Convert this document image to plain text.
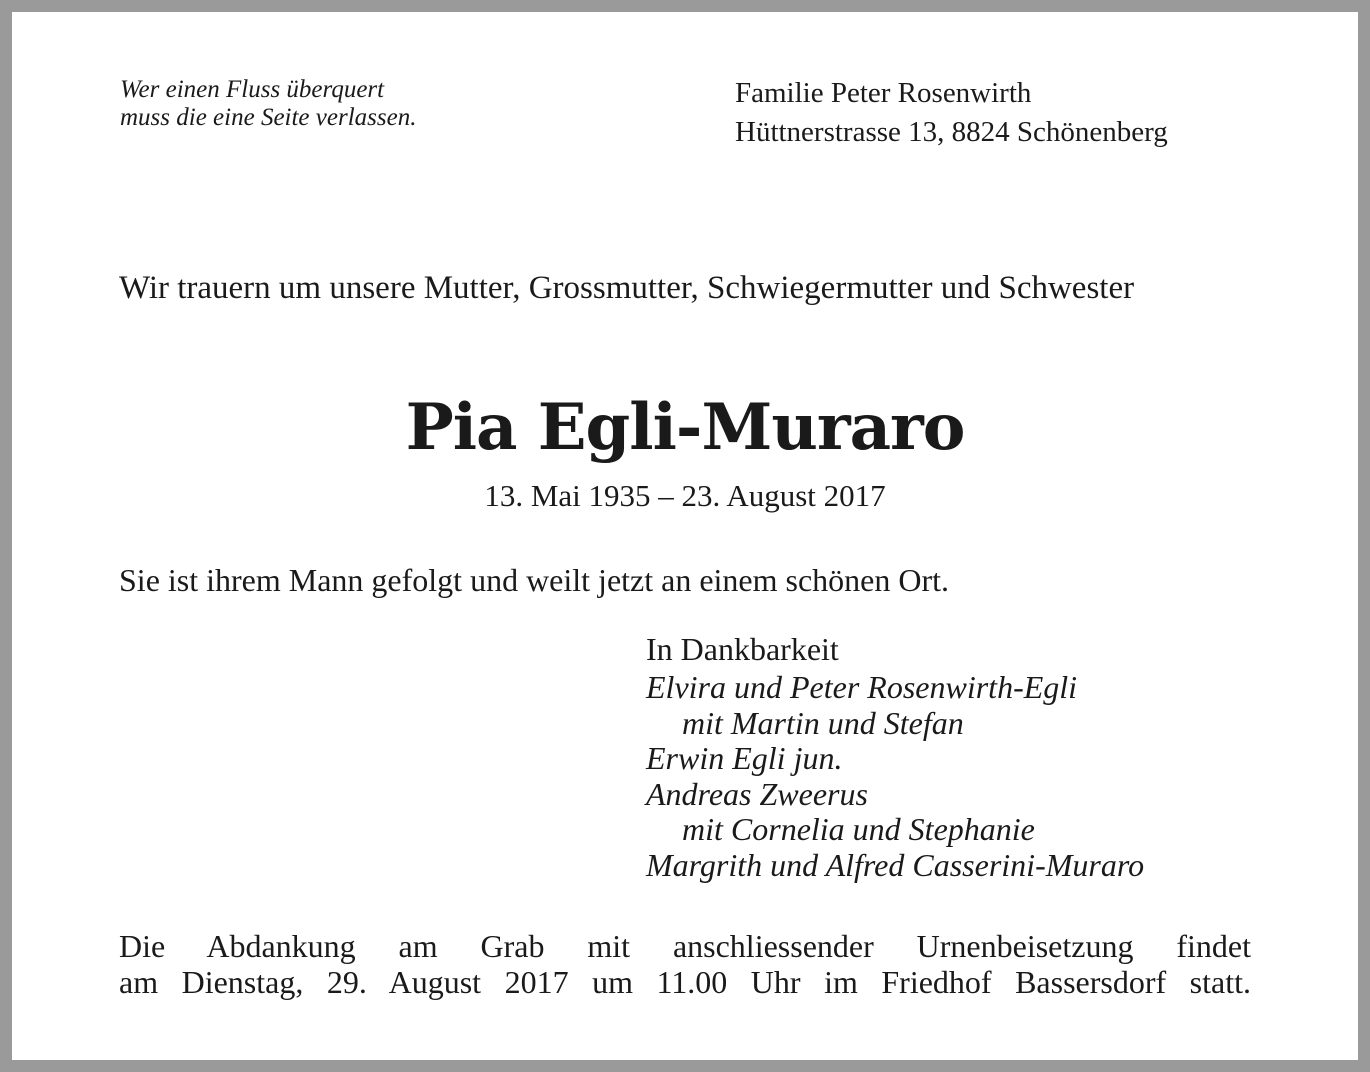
Wer einen Fluss überquert
muss die eine Seite verlassen.
Familie Peter Rosenwirth
Hüttnerstrasse 13, 8824 Schönenberg
Wir trauern um unsere Mutter, Grossmutter, Schwiegermutter und Schwester
Pia Egli-Muraro
13. Mai 1935 – 23. August 2017
Sie ist ihrem Mann gefolgt und weilt jetzt an einem schönen Ort.
In Dankbarkeit
Elvira und Peter Rosenwirth-Egli
mit Martin und Stefan
Erwin Egli jun.
Andreas Zweerus
mit Cornelia und Stephanie
Margrith und Alfred Casserini-Muraro
Die Abdankung am Grab mit anschliessender Urnenbeisetzung findet
am Dienstag, 29. August 2017 um 11.00 Uhr im Friedhof Bassersdorf statt.
